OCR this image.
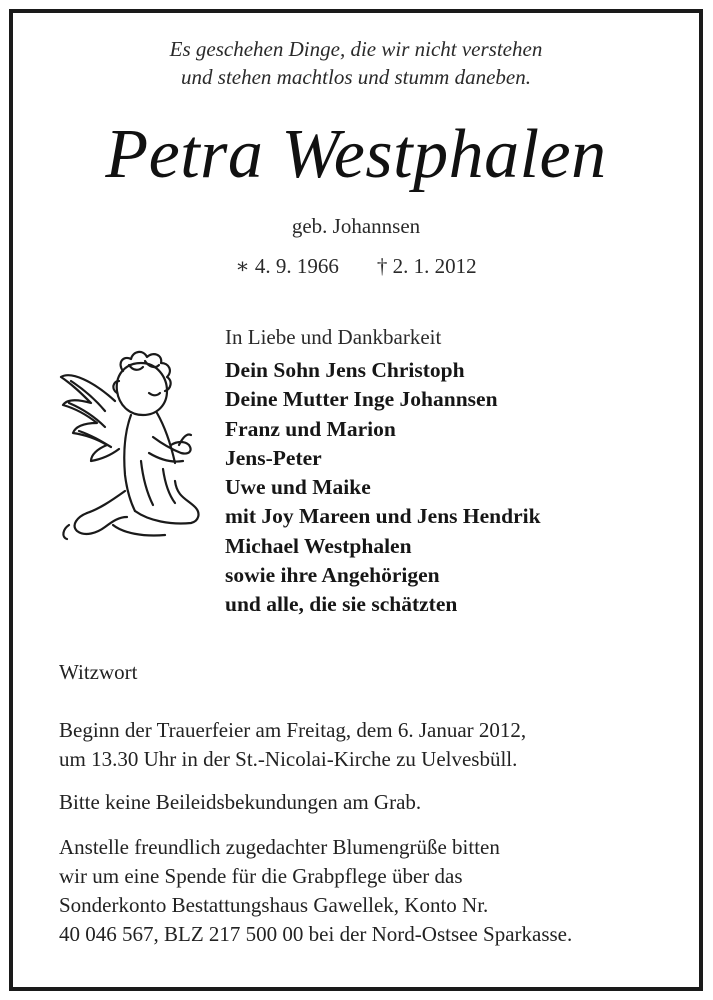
Es geschehen Dinge, die wir nicht verstehen
und stehen machtlos und stumm daneben.
Petra Westphalen
geb. Johannsen
∗ 4. 9. 1966 † 2. 1. 2012
In Liebe und Dankbarkeit
Dein Sohn Jens Christoph
Deine Mutter Inge Johannsen
Franz und Marion
Jens-Peter
Uwe und Maike
mit Joy Mareen und Jens Hendrik
Michael Westphalen
sowie ihre Angehörigen
und alle, die sie schätzten
Witzwort
Beginn der Trauerfeier am Freitag, dem 6. Januar 2012,
um 13.30 Uhr in der St.-Nicolai-Kirche zu Uelvesbüll.
Bitte keine Beileidsbekundungen am Grab.
Anstelle freundlich zugedachter Blumengrüße bitten
wir um eine Spende für die Grabpflege über das
Sonderkonto Bestattungshaus Gawellek, Konto Nr.
40 046 567, BLZ 217 500 00 bei der Nord-Ostsee Sparkasse.
